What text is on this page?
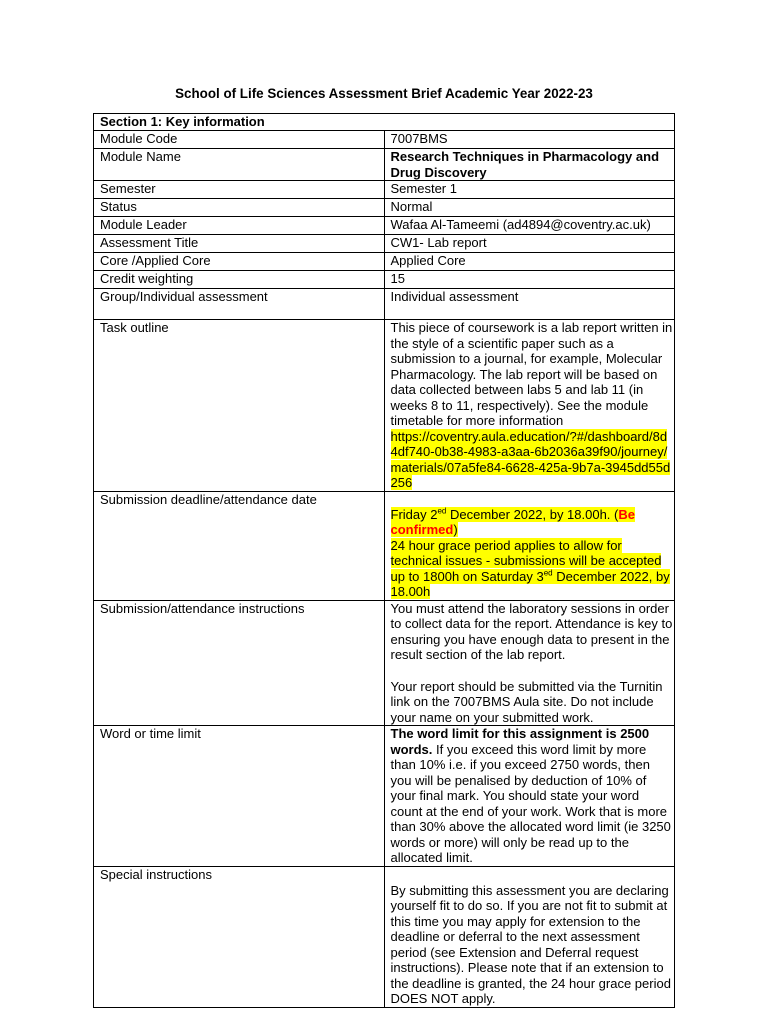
School of Life Sciences Assessment Brief Academic Year 2022-23
Section 1: Key information	
Module Code	7007BMS
Module Name	Research Techniques in Pharmacology and Drug Discovery
Semester	Semester 1
Status	Normal
Module Leader	Wafaa Al-Tameemi (ad4894@coventry.ac.uk)
Assessment Title	CW1- Lab report
Core /Applied Core	Applied Core
Credit weighting	15
Group/Individual assessment	Individual assessment
Task outline	This piece of coursework is a lab report written in the style of a scientific paper such as a submission to a journal, for example, Molecular Pharmacology. The lab report will be based on data collected between labs 5 and lab 11 (in weeks 8 to 11, respectively). See the module timetable for more information
https://coventry.aula.education/?#/dashboard/8d4df740-0b38-4983-a3aa-6b2036a39f90/journey/materials/07a5fe84-6628-425a-9b7a-3945dd55d256
Submission deadline/attendance date	Friday $2^{ed}$ December 2022, by 18.00h. (Be confirmed)
24 hour grace period applies to allow for technical issues - submissions will be accepted up to 1800h on Saturday $3^{ed}$ December 2022, by 18.00h
Submission/attendance instructions	You must attend the laboratory sessions in order to collect data for the report. Attendance is key to ensuring you have enough data to present in the result section of the lab report.
Your report should be submitted via the Turnitin link on the 7007BMS Aula site. Do not include your name on your submitted work.

Word or time limit	The word limit for this assignment is 2500 words. If you exceed this word limit by more than 10% i.e. if you exceed 2750 words, then you will be penalised by deduction of 10% of your final mark. You should state your word count at the end of your work. Work that is more than 30% above the allocated word limit (ie 3250 words or more) will only be read up to the allocated limit.
Special instructions	By submitting this assessment you are declaring yourself fit to do so. If you are not fit to submit at this time you may apply for extension to the deadline or deferral to the next assessment period (see Extension and Deferral request instructions). Please note that if an extension to the deadline is granted, the 24 hour grace period DOES NOT apply.
